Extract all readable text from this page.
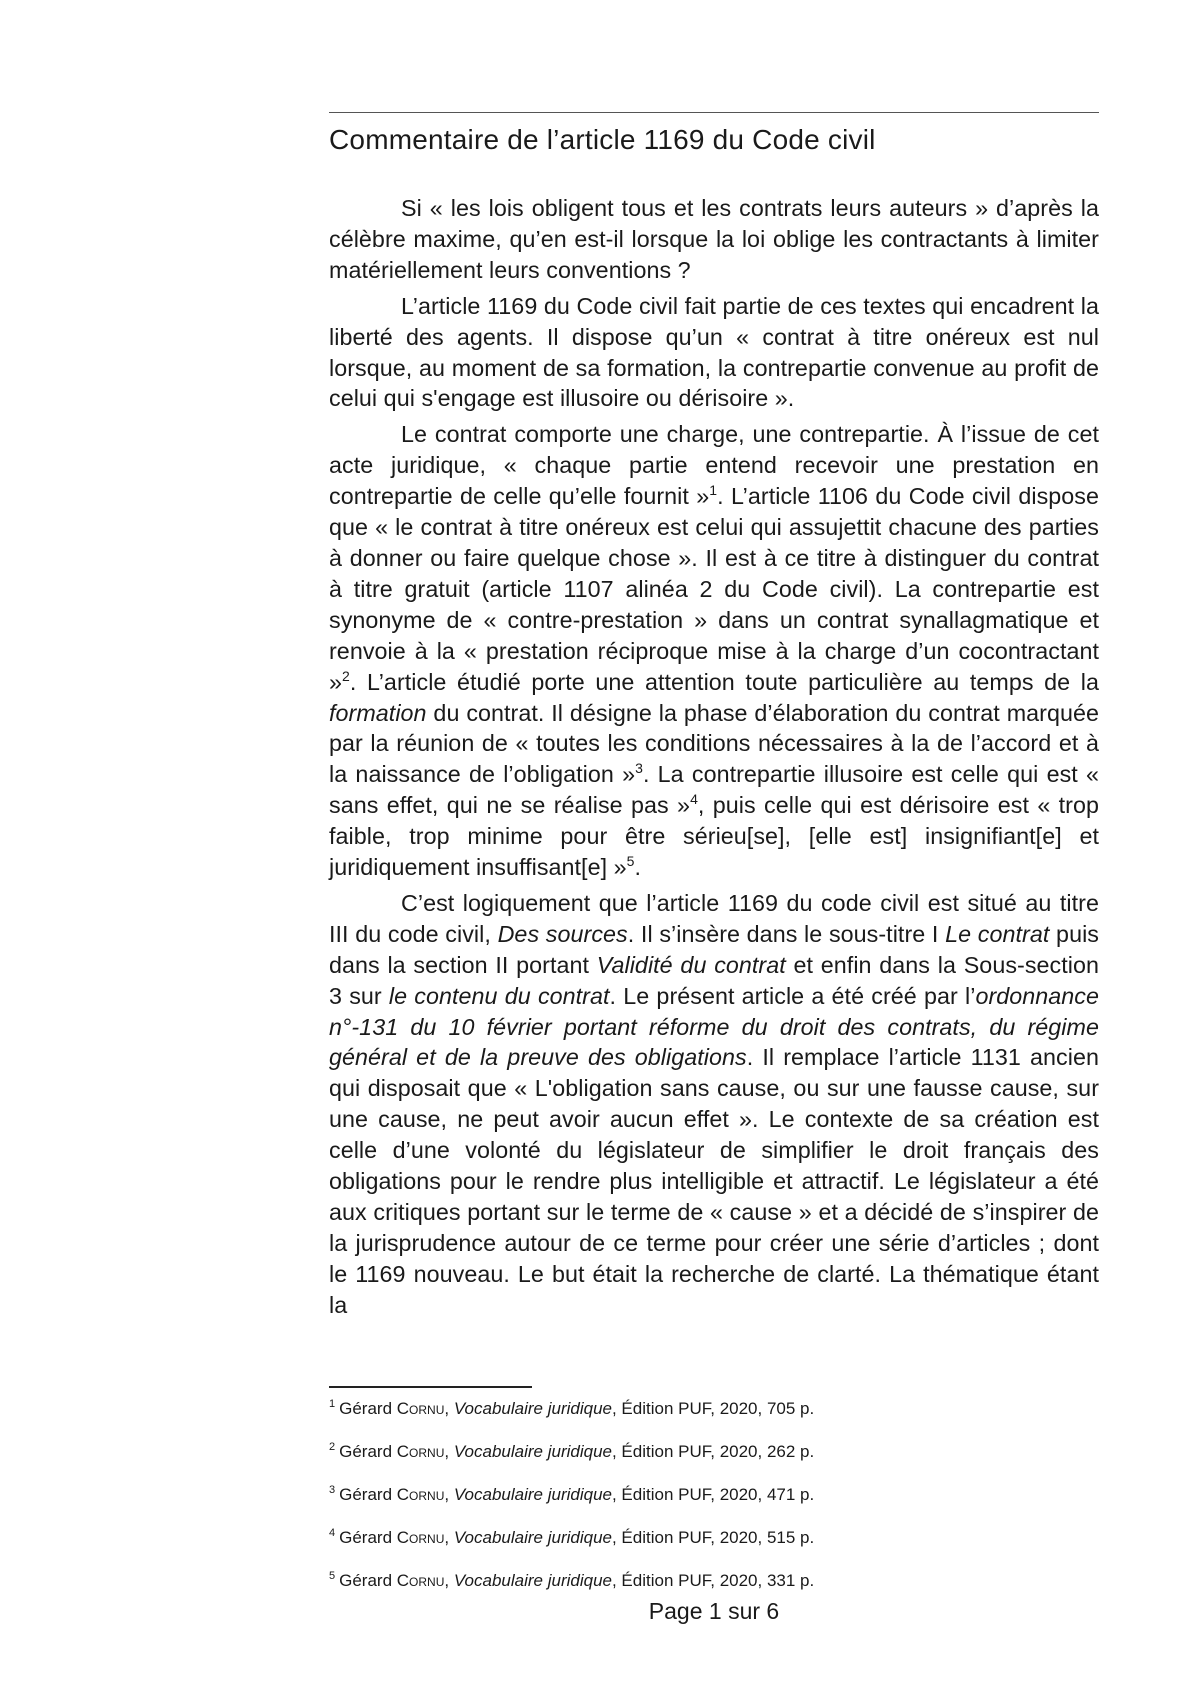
Commentaire de l’article 1169 du Code civil

Si « les lois obligent tous et les contrats leurs auteurs » d’après la célèbre maxime, qu’en est-il lorsque la loi oblige les contractants à limiter matériellement leurs conventions ?

L’article 1169 du Code civil fait partie de ces textes qui encadrent la liberté des agents. Il dispose qu’un « contrat à titre onéreux est nul lorsque, au moment de sa formation, la contrepartie convenue au profit de celui qui s'engage est illusoire ou dérisoire ».

Le contrat comporte une charge, une contrepartie. À l’issue de cet acte juridique, « chaque partie entend recevoir une prestation en contrepartie de celle qu’elle fournit »$^1$. L’article 1106 du Code civil dispose que « le contrat à titre onéreux est celui qui assujettit chacune des parties à donner ou faire quelque chose ». Il est à ce titre à distinguer du contrat à titre gratuit (article 1107 alinéa 2 du Code civil). La contrepartie est synonyme de « contre-prestation » dans un contrat synallagmatique et renvoie à la « prestation réciproque mise à la charge d’un cocontractant »$^2$. L’article étudié porte une attention toute particulière au temps de la formation du contrat. Il désigne la phase d’élaboration du contrat marquée par la réunion de « toutes les conditions nécessaires à la de l’accord et à la naissance de l’obligation »$^3$. La contrepartie illusoire est celle qui est « sans effet, qui ne se réalise pas »$^4$, puis celle qui est dérisoire est « trop faible, trop minime pour être sérieu[se], [elle est] insignifiant[e] et juridiquement insuffisant[e] »$^5$.

C’est logiquement que l’article 1169 du code civil est situé au titre III du code civil, Des sources. Il s’insère dans le sous-titre I Le contrat puis dans la section II portant Validité du contrat et enfin dans la Sous-section 3 sur le contenu du contrat. Le présent article a été créé par l’ordonnance n°-131 du 10 février portant réforme du droit des contrats, du régime général et de la preuve des obligations. Il remplace l’article 1131 ancien qui disposait que « L'obligation sans cause, ou sur une fausse cause, sur une cause, ne peut avoir aucun effet ». Le contexte de sa création est celle d’une volonté du législateur de simplifier le droit français des obligations pour le rendre plus intelligible et attractif. Le législateur a été aux critiques portant sur le terme de « cause » et a décidé de s’inspirer de la jurisprudence autour de ce terme pour créer une série d’articles ; dont le 1169 nouveau. Le but était la recherche de clarté. La thématique étant la

$^1$ Gérard Cornu, Vocabulaire juridique, Édition PUF, 2020, 705 p.

$^2$ Gérard Cornu, Vocabulaire juridique, Édition PUF, 2020, 262 p.

$^3$ Gérard Cornu, Vocabulaire juridique, Édition PUF, 2020, 471 p.

$^4$ Gérard Cornu, Vocabulaire juridique, Édition PUF, 2020, 515 p.

$^5$ Gérard Cornu, Vocabulaire juridique, Édition PUF, 2020, 331 p.

Page 1 sur 6
